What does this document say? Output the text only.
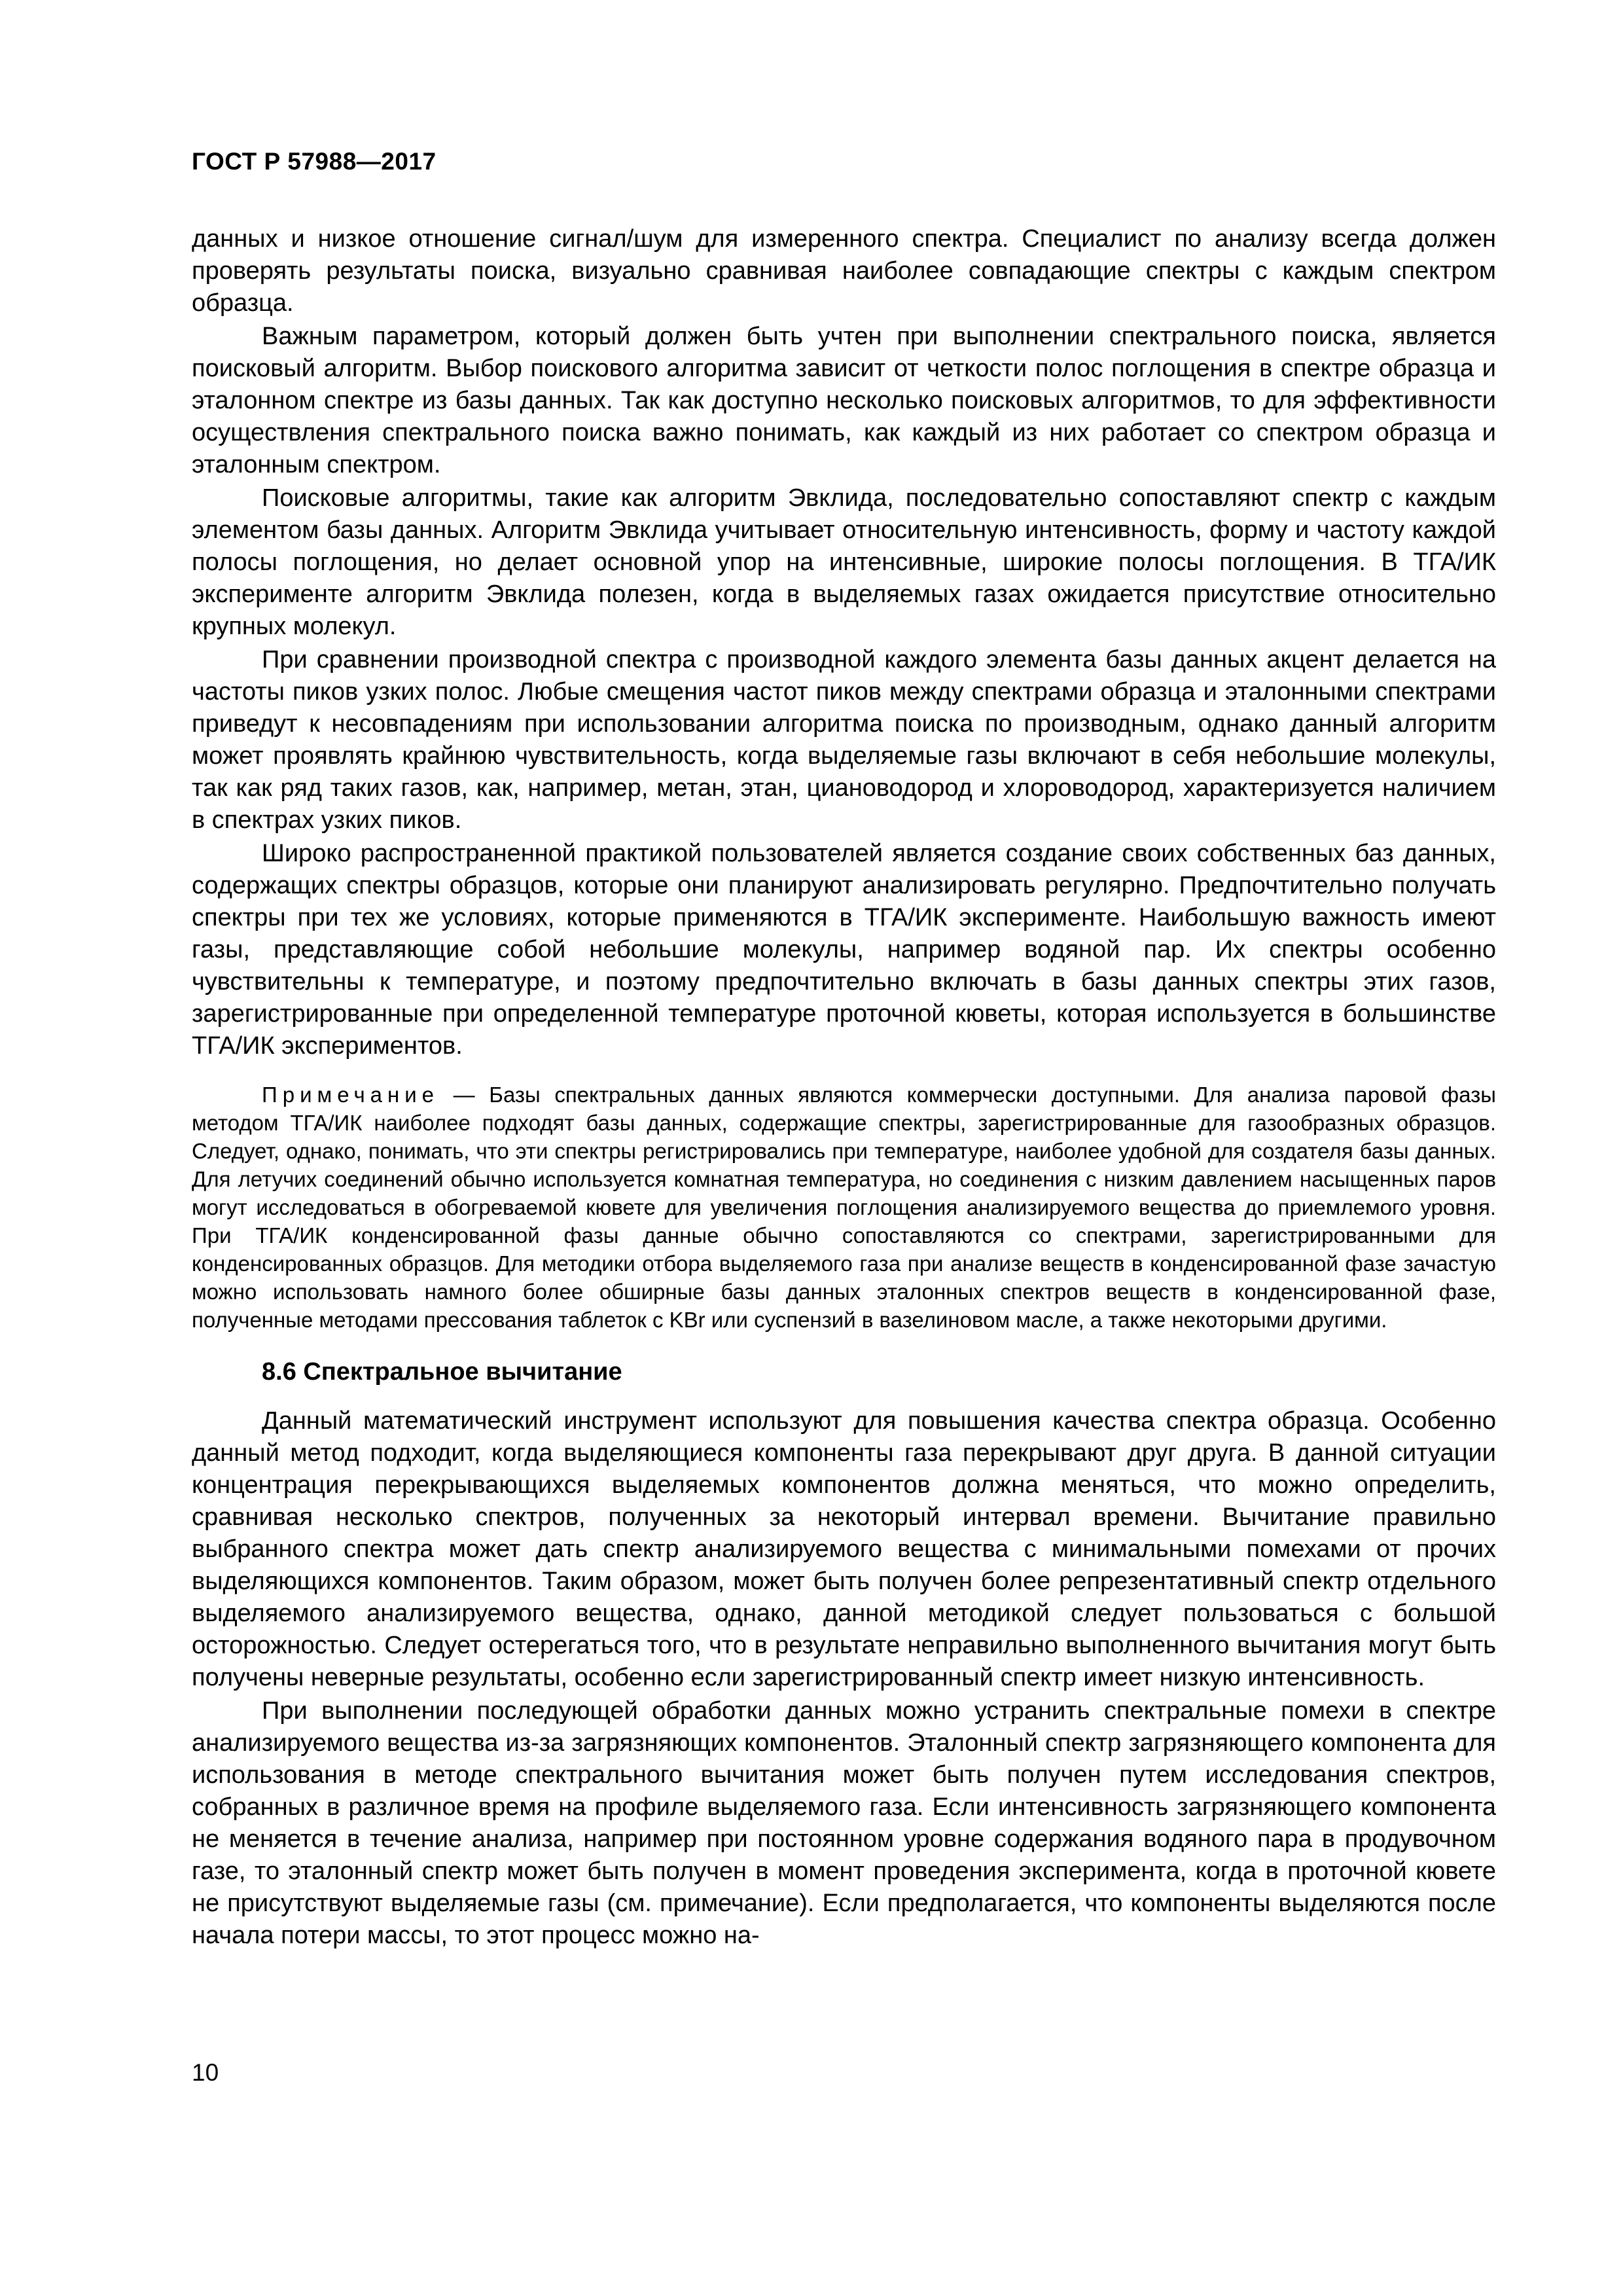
ГОСТ Р 57988—2017

данных и низкое отношение сигнал/шум для измеренного спектра. Специалист по анализу всегда должен проверять результаты поиска, визуально сравнивая наиболее совпадающие спектры с каждым спектром образца.

Важным параметром, который должен быть учтен при выполнении спектрального поиска, является поисковый алгоритм. Выбор поискового алгоритма зависит от четкости полос поглощения в спектре образца и эталонном спектре из базы данных. Так как доступно несколько поисковых алгоритмов, то для эффективности осуществления спектрального поиска важно понимать, как каждый из них работает со спектром образца и эталонным спектром.

Поисковые алгоритмы, такие как алгоритм Эвклида, последовательно сопоставляют спектр с каждым элементом базы данных. Алгоритм Эвклида учитывает относительную интенсивность, форму и частоту каждой полосы поглощения, но делает основной упор на интенсивные, широкие полосы поглощения. В ТГА/ИК эксперименте алгоритм Эвклида полезен, когда в выделяемых газах ожидается присутствие относительно крупных молекул.

При сравнении производной спектра с производной каждого элемента базы данных акцент делается на частоты пиков узких полос. Любые смещения частот пиков между спектрами образца и эталонными спектрами приведут к несовпадениям при использовании алгоритма поиска по производным, однако данный алгоритм может проявлять крайнюю чувствительность, когда выделяемые газы включают в себя небольшие молекулы, так как ряд таких газов, как, например, метан, этан, циановодород и хлороводород, характеризуется наличием в спектрах узких пиков.

Широко распространенной практикой пользователей является создание своих собственных баз данных, содержащих спектры образцов, которые они планируют анализировать регулярно. Предпочтительно получать спектры при тех же условиях, которые применяются в ТГА/ИК эксперименте. Наибольшую важность имеют газы, представляющие собой небольшие молекулы, например водяной пар. Их спектры особенно чувствительны к температуре, и поэтому предпочтительно включать в базы данных спектры этих газов, зарегистрированные при определенной температуре проточной кюветы, которая используется в большинстве ТГА/ИК экспериментов.

Примечание — Базы спектральных данных являются коммерчески доступными. Для анализа паровой фазы методом ТГА/ИК наиболее подходят базы данных, содержащие спектры, зарегистрированные для газообразных образцов. Следует, однако, понимать, что эти спектры регистрировались при температуре, наиболее удобной для создателя базы данных. Для летучих соединений обычно используется комнатная температура, но соединения с низким давлением насыщенных паров могут исследоваться в обогреваемой кювете для увеличения поглощения анализируемого вещества до приемлемого уровня. При ТГА/ИК конденсированной фазы данные обычно сопоставляются со спектрами, зарегистрированными для конденсированных образцов. Для методики отбора выделяемого газа при анализе веществ в конденсированной фазе зачастую можно использовать намного более обширные базы данных эталонных спектров веществ в конденсированной фазе, полученные методами прессования таблеток с KBr или суспензий в вазелиновом масле, а также некоторыми другими.

8.6 Спектральное вычитание

Данный математический инструмент используют для повышения качества спектра образца. Особенно данный метод подходит, когда выделяющиеся компоненты газа перекрывают друг друга. В данной ситуации концентрация перекрывающихся выделяемых компонентов должна меняться, что можно определить, сравнивая несколько спектров, полученных за некоторый интервал времени. Вычитание правильно выбранного спектра может дать спектр анализируемого вещества с минимальными помехами от прочих выделяющихся компонентов. Таким образом, может быть получен более репрезентативный спектр отдельного выделяемого анализируемого вещества, однако, данной методикой следует пользоваться с большой осторожностью. Следует остерегаться того, что в результате неправильно выполненного вычитания могут быть получены неверные результаты, особенно если зарегистрированный спектр имеет низкую интенсивность.

При выполнении последующей обработки данных можно устранить спектральные помехи в спектре анализируемого вещества из-за загрязняющих компонентов. Эталонный спектр загрязняющего компонента для использования в методе спектрального вычитания может быть получен путем исследования спектров, собранных в различное время на профиле выделяемого газа. Если интенсивность загрязняющего компонента не меняется в течение анализа, например при постоянном уровне содержания водяного пара в продувочном газе, то эталонный спектр может быть получен в момент проведения эксперимента, когда в проточной кювете не присутствуют выделяемые газы (см. примечание). Если предполагается, что компоненты выделяются после начала потери массы, то этот процесс можно на-

10
